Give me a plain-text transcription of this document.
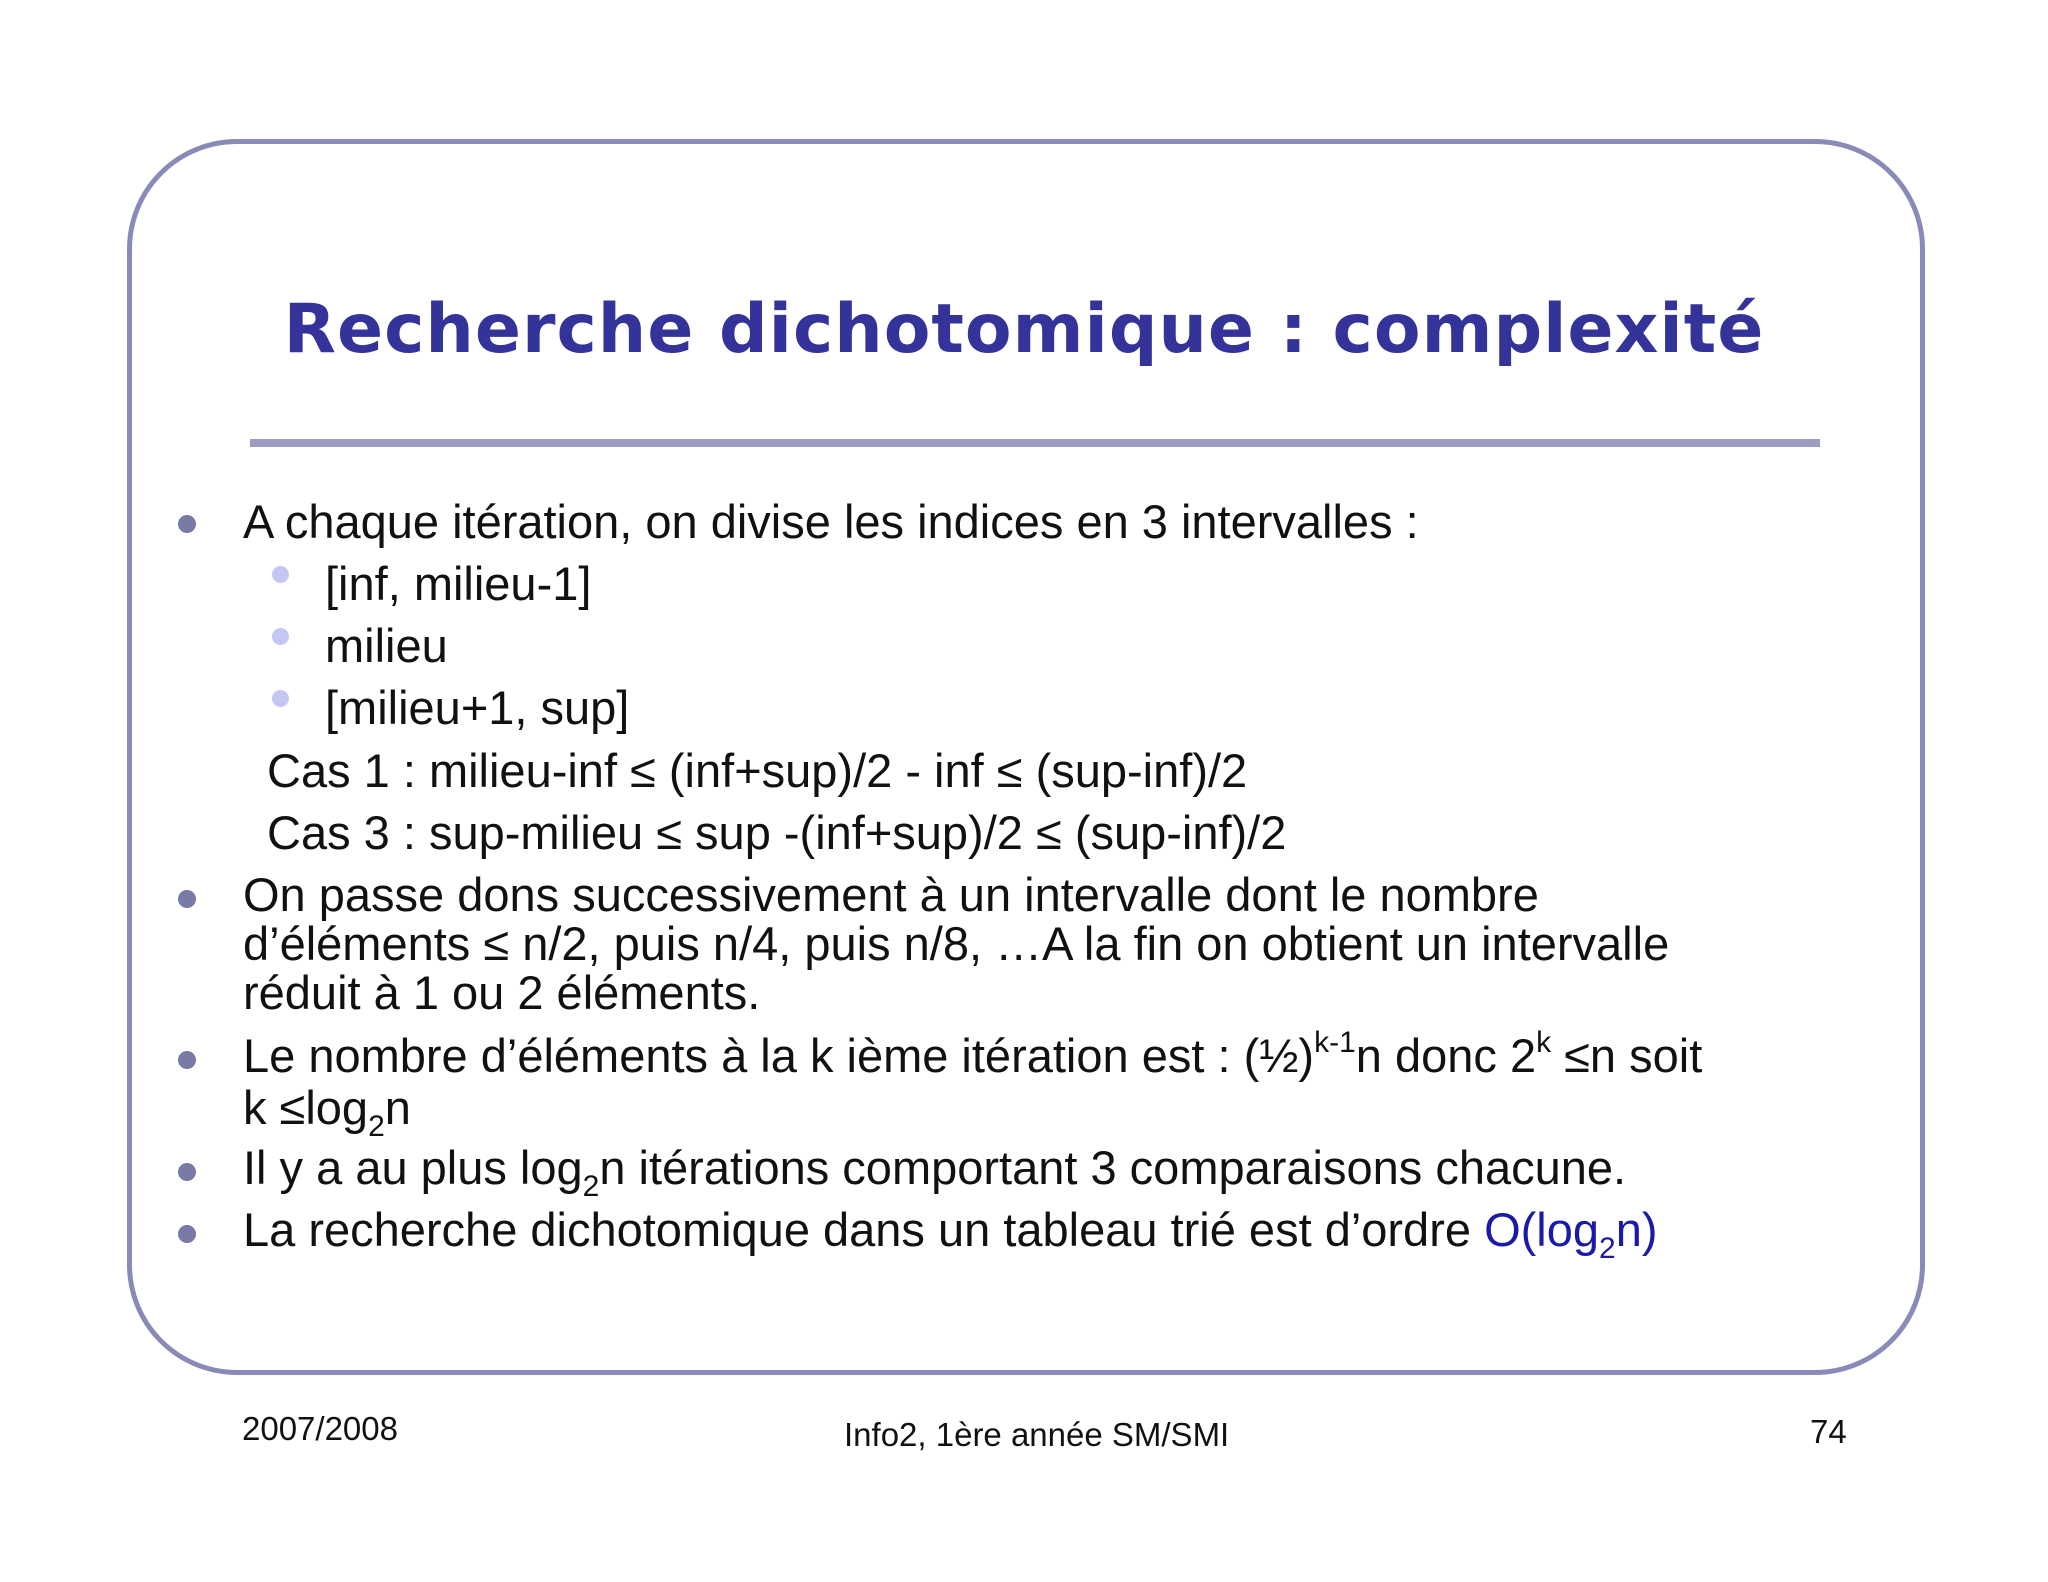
Recherche dichotomique : complexité
A chaque itération, on divise les indices en 3 intervalles :
[inf, milieu-1]
milieu
[milieu+1, sup]
Cas 1 : milieu-inf ≤ (inf+sup)/2 - inf ≤ (sup-inf)/2
Cas 3 : sup-milieu ≤ sup -(inf+sup)/2 ≤ (sup-inf)/2
On passe dons successivement à un intervalle dont le nombre
d’éléments ≤ n/2, puis n/4, puis n/8, …A la fin on obtient un intervalle
réduit à 1 ou 2 éléments.
Le nombre d’éléments à la k ième itération est : (½)$^{k-1}$n donc $2^k \le n$ soit
$k \le\log_2n$
Il y a au plus $\log_2n$ itérations comportant 3 comparaisons chacune.
La recherche dichotomique dans un tableau trié est d’ordre $O(\log_2n)$
2007/2008	Info2, 1ère année SM/SMI	74
